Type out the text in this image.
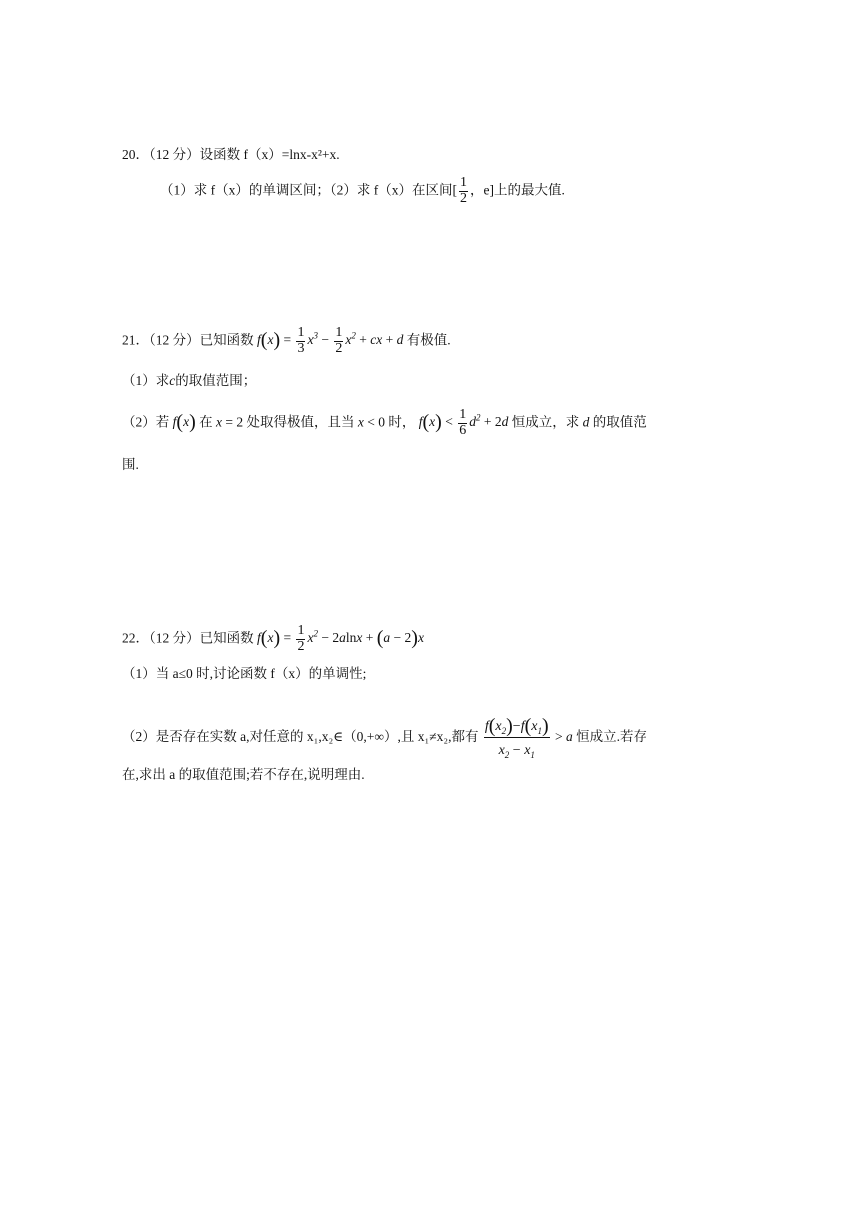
20．（12 分）设函数 f（x）=lnx-x²+x.
（1）求 f（x）的单调区间；（2）求 f（x）在区间[ $\frac{1}{2}$ ，e]上的最大值.
21．（12 分）已知函数 $f(x) = \frac{1}{3} x^3 - \frac{1}{2} x^2$ + cx + d 有极值.
（1）求c的取值范围；
（2）若 f(x) 在 x = 2 处取得极值，且当 x < 0 时， $f(x) < \frac{1}{6} d^2 + 2d$ 恒成立，求 d 的取值范
围.
22．（12 分）已知函数 $f(x) = \frac{1}{2} x^2 - 2alnx + (a - 2)x$
（1）当 a≤0 时,讨论函数 f（x）的单调性;
（2）是否存在实数 a,对任意的 x₁,x₂∈（0,+∞）,且 x₁≠x₂,都有 $\frac{f(x_2)-f(x_1)}{x_2 - x_1} > a$ 恒成立.若存
在,求出 a 的取值范围;若不存在,说明理由.
